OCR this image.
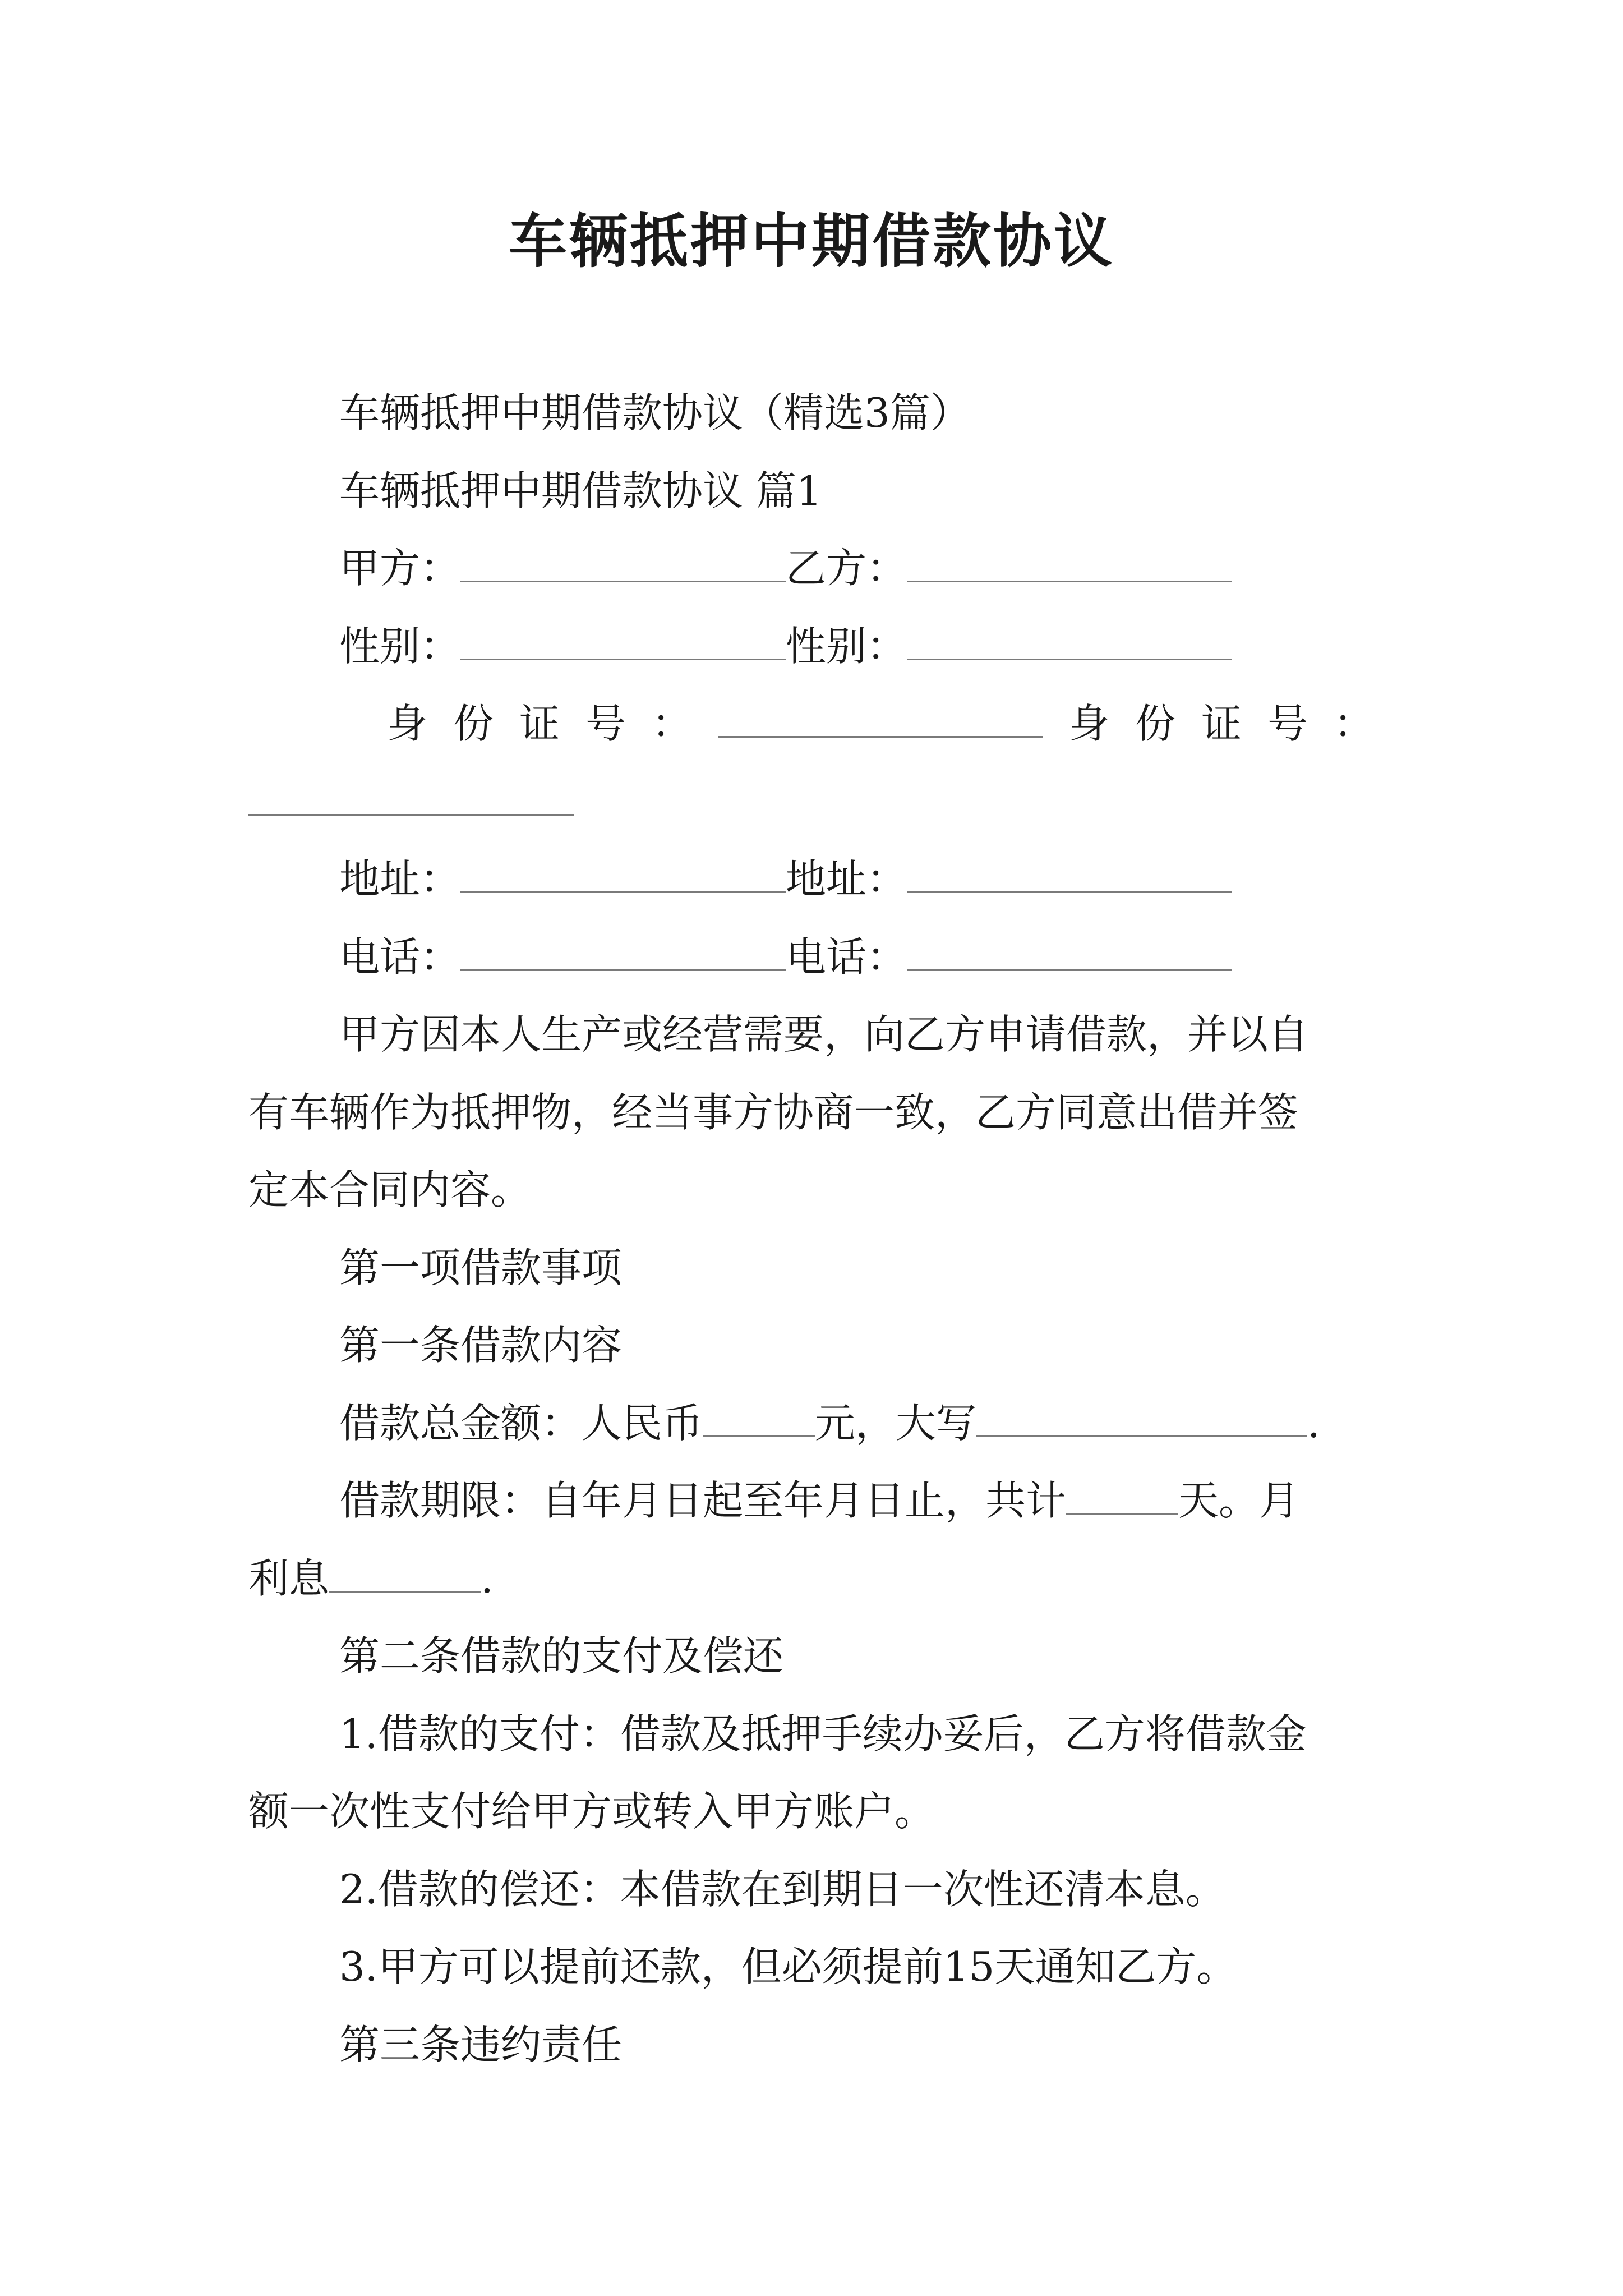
车辆抵押中期借款协议
车辆抵押中期借款协议（精选3篇）
车辆抵押中期借款协议 篇1
甲方：	乙方：
性别：	性别：
身份证号：	身份证号：
地址：	地址：
电话：	电话：
甲方因本人生产或经营需要，向乙方申请借款，并以自
有车辆作为抵押物，经当事方协商一致，乙方同意出借并签
定本合同内容。
第一项借款事项
第一条借款内容
借款总金额：人民币	元，大写	.
借款期限：自年月日起至年月日止，共计	天。月
利息	.
第二条借款的支付及偿还
1.借款的支付：借款及抵押手续办妥后，乙方将借款金
额一次性支付给甲方或转入甲方账户。
2.借款的偿还：本借款在到期日一次性还清本息。
3.甲方可以提前还款，但必须提前15天通知乙方。
第三条违约责任
